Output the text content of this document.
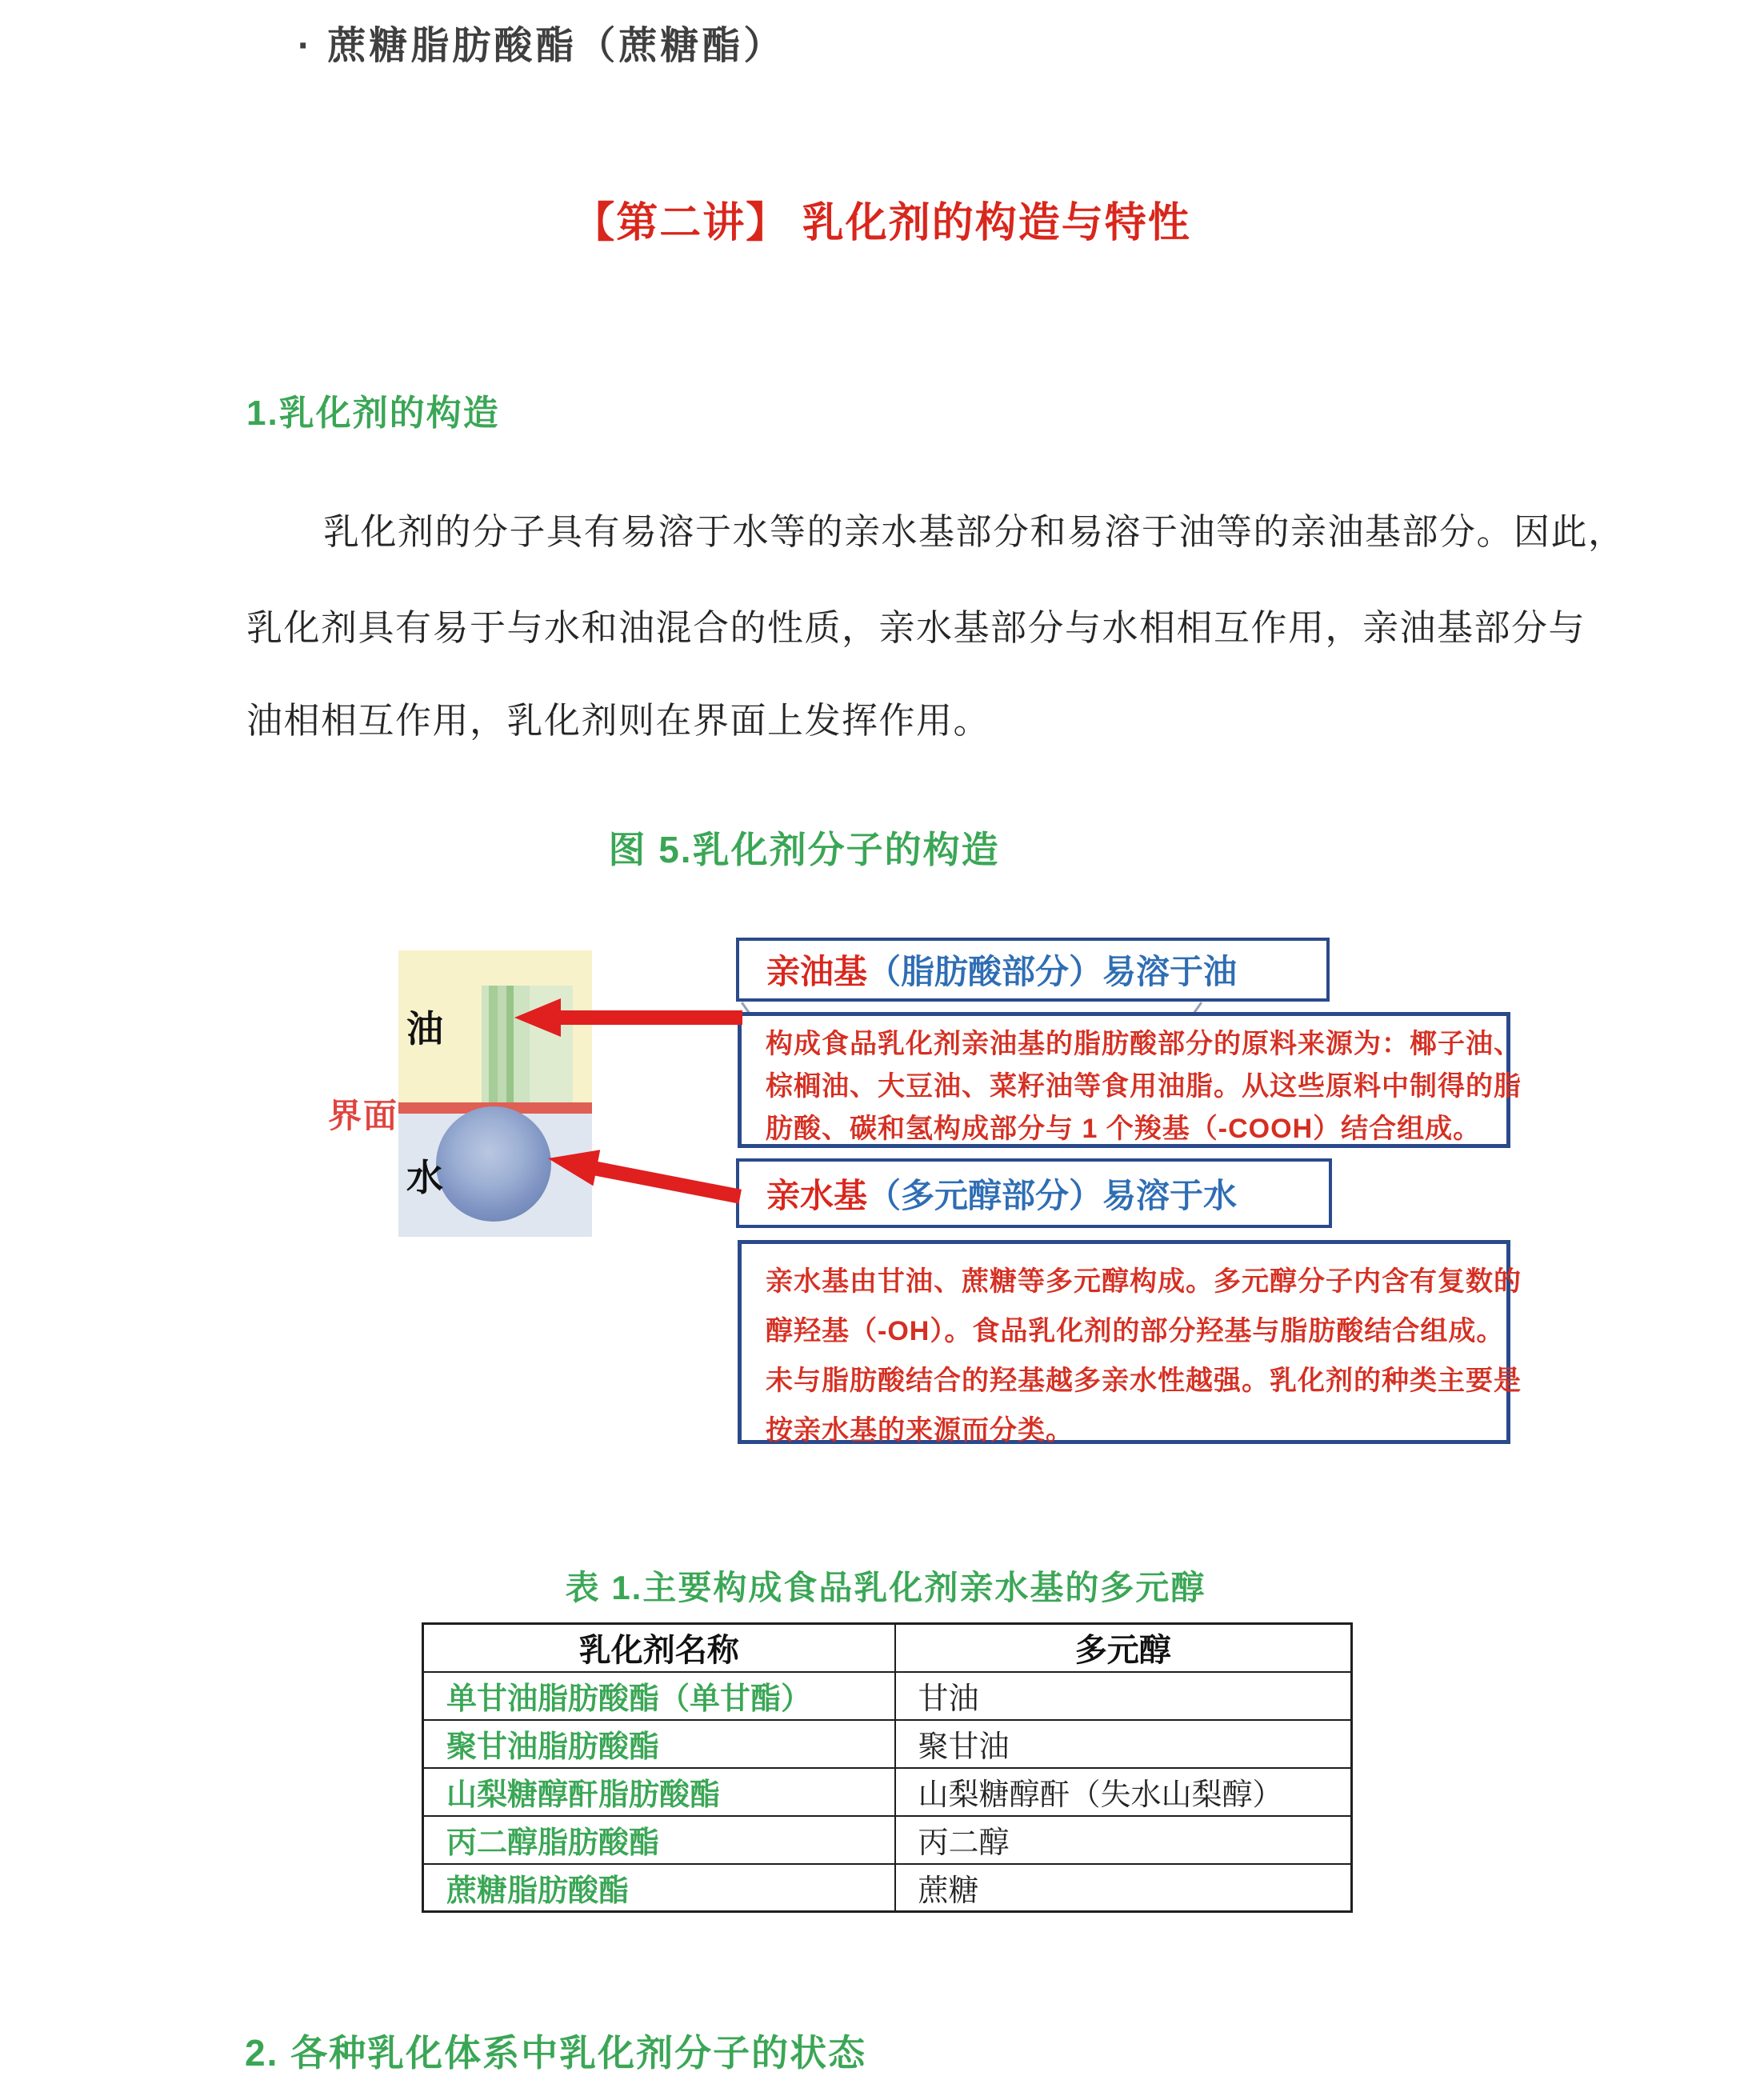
· 蔗糖脂肪酸酯（蔗糖酯）
【第二讲】 乳化剂的构造与特性
1.乳化剂的构造
乳化剂的分子具有易溶于水等的亲水基部分和易溶于油等的亲油基部分。因此，
乳化剂具有易于与水和油混合的性质，亲水基部分与水相相互作用，亲油基部分与
油相相互作用，乳化剂则在界面上发挥作用。
图 5.乳化剂分子的构造
油
水
界面
亲油基 （脂肪酸部分）易溶于油
构成食品乳化剂亲油基的脂肪酸部分的原料来源为：椰子油、
棕榈油、大豆油、菜籽油等食用油脂。从这些原料中制得的脂
肪酸、碳和氢构成部分与 1 个羧基（-COOH）结合组成。
亲水基 （多元醇部分）易溶于水
亲水基由甘油、蔗糖等多元醇构成。多元醇分子内含有复数的
醇羟基（-OH）。食品乳化剂的部分羟基与脂肪酸结合组成。
未与脂肪酸结合的羟基越多亲水性越强。乳化剂的种类主要是
按亲水基的来源而分类。
表 1.主要构成食品乳化剂亲水基的多元醇
乳化剂名称	多元醇
单甘油脂肪酸酯（单甘酯）	甘油
聚甘油脂肪酸酯	聚甘油
山梨糖醇酐脂肪酸酯	山梨糖醇酐（失水山梨醇）
丙二醇脂肪酸酯	丙二醇
蔗糖脂肪酸酯	蔗糖
2. 各种乳化体系中乳化剂分子的状态
